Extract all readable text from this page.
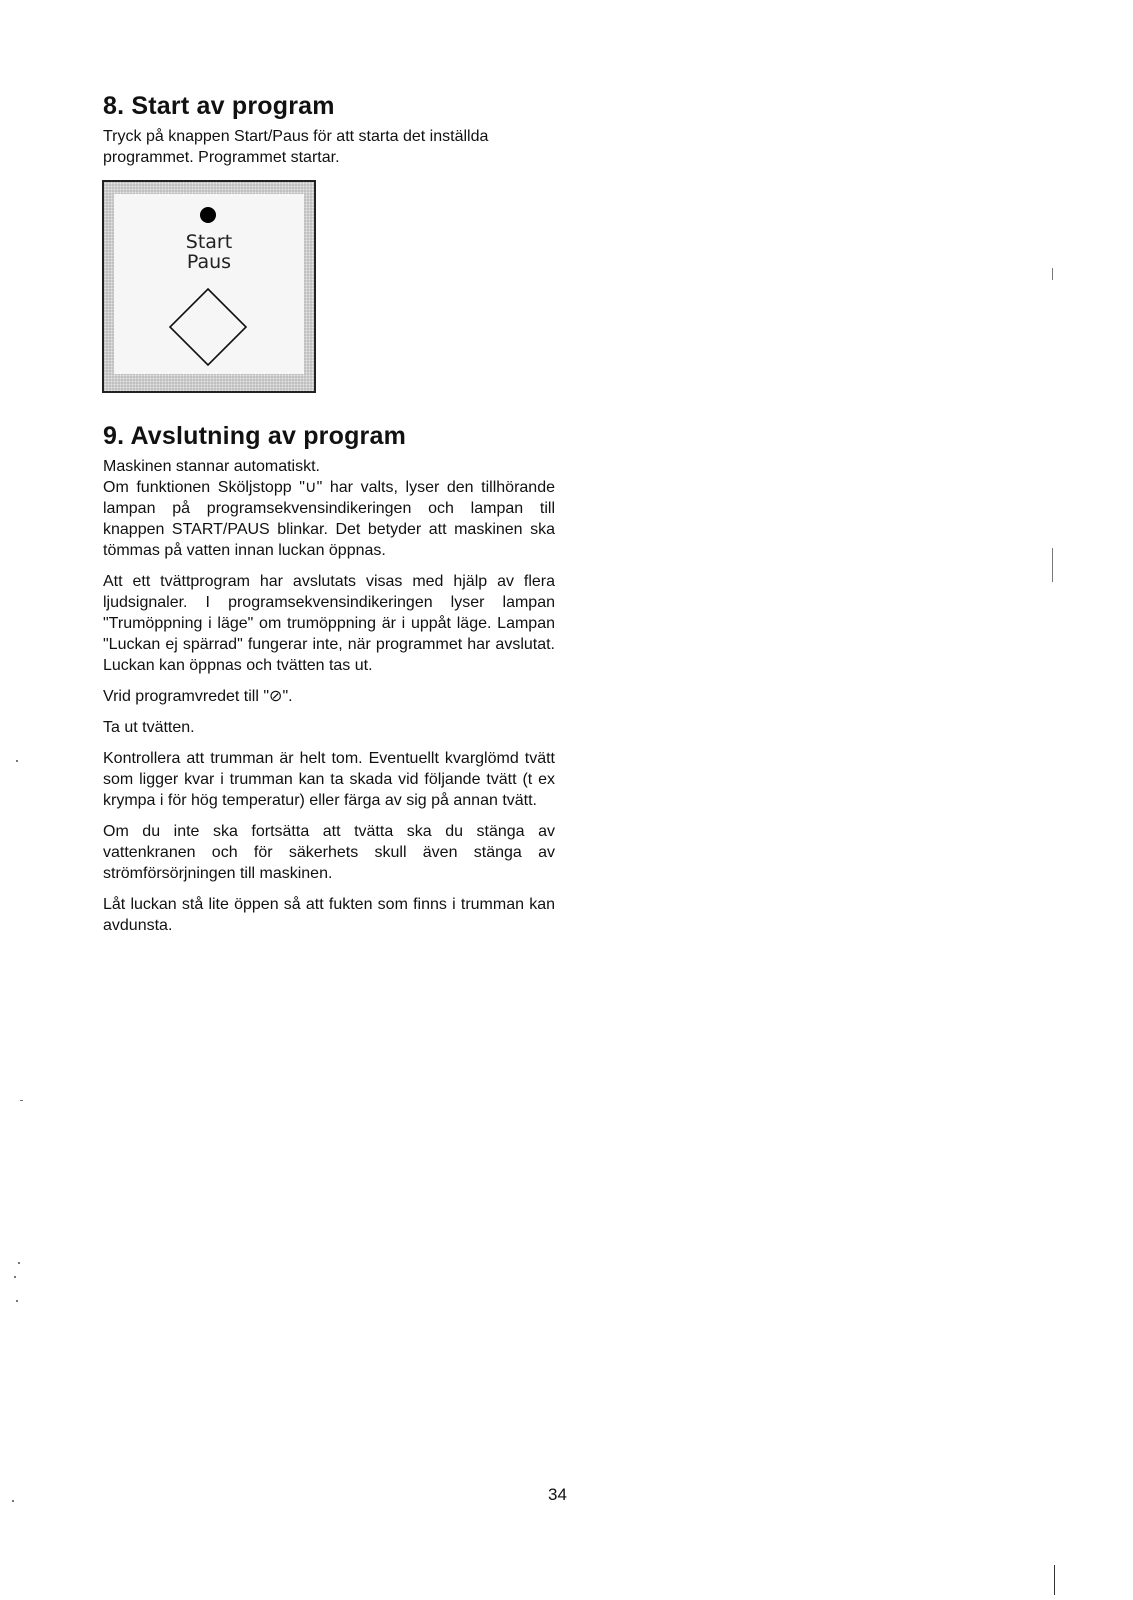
8. Start av program

Tryck på knappen Start/Paus för att starta det inställda programmet. Programmet startar.

Start
Paus
9. Avslutning av program

Maskinen stannar automatiskt.

Om funktionen Sköljstopp "∪" har valts, lyser den tillhörande lampan på programsekvensindikeringen och lampan till knappen START/PAUS blinkar. Det betyder att maskinen ska tömmas på vatten innan luckan öppnas.

Att ett tvättprogram har avslutats visas med hjälp av flera ljudsignaler. I programsekvensindikeringen lyser lampan "Trumöppning i läge" om trumöppning är i uppåt läge. Lampan "Luckan ej spärrad" fungerar inte, när programmet har avslutat. Luckan kan öppnas och tvätten tas ut.

Vrid programvredet till "⊘".

Ta ut tvätten.

Kontrollera att trumman är helt tom. Eventuellt kvarglömd tvätt som ligger kvar i trumman kan ta skada vid följande tvätt (t ex krympa i för hög temperatur) eller färga av sig på annan tvätt.

Om du inte ska fortsätta att tvätta ska du stänga av vattenkranen och för säkerhets skull även stänga av strömförsörjningen till maskinen.

Låt luckan stå lite öppen så att fukten som finns i trumman kan avdunsta.

34
